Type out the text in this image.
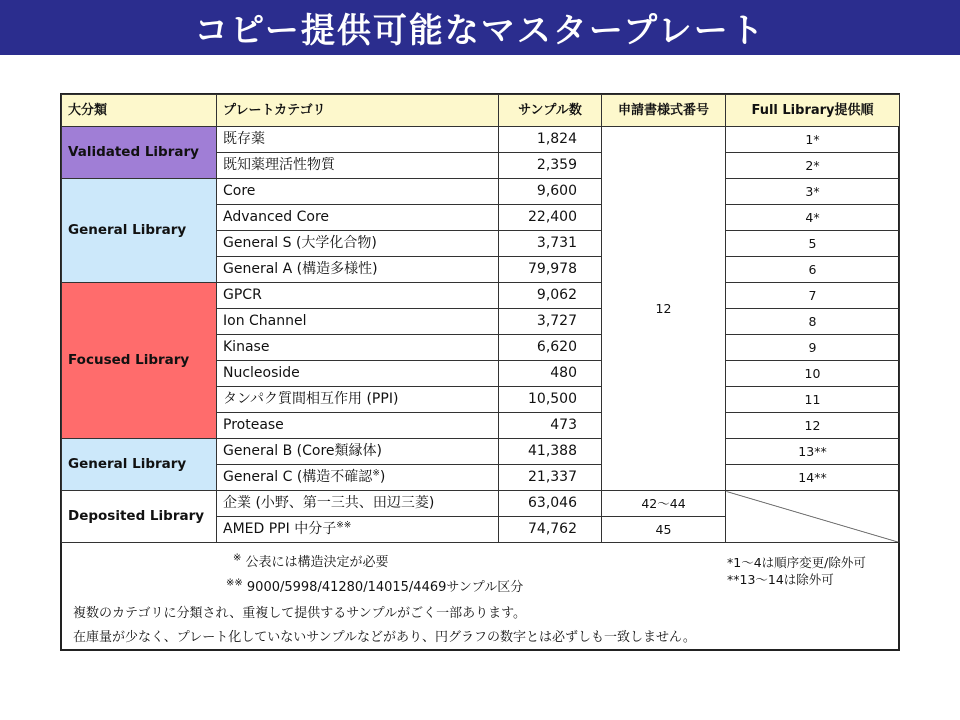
コピー提供可能なマスタープレート
大分類	プレートカテゴリ	サンプル数	申請書様式番号	Full Library提供順
Validated Library	既存薬	1,824	12	1*
	既知薬理活性物質	2,359		2*
General Library	Core	9,600		3*
	Advanced Core	22,400		4*
	General S (大学化合物)	3,731		5
	General A (構造多様性)	79,978		6
Focused Library	GPCR	9,062		7
	Ion Channel	3,727		8
	Kinase	6,620		9
	Nucleoside	480		10
	タンパク質間相互作用 (PPI)	10,500		11
	Protease	473		12
General Library	General B (Core類縁体)	41,388		13**
	General C (構造不確認※)	21,337		14**
Deposited Library	企業 (小野、第一三共、田辺三菱)	63,046	42～44	
	AMED PPI 中分子※※	74,762	45	
※ 公表には構造決定が必要
※※ 9000/5998/41280/14015/4469サンプル区分
複数のカテゴリに分類され、重複して提供するサンプルがごく一部あります。
在庫量が少なく、プレート化していないサンプルなどがあり、円グラフの数字とは必ずしも一致しません。
*1～4は順序変更/除外可
**13～14は除外可
